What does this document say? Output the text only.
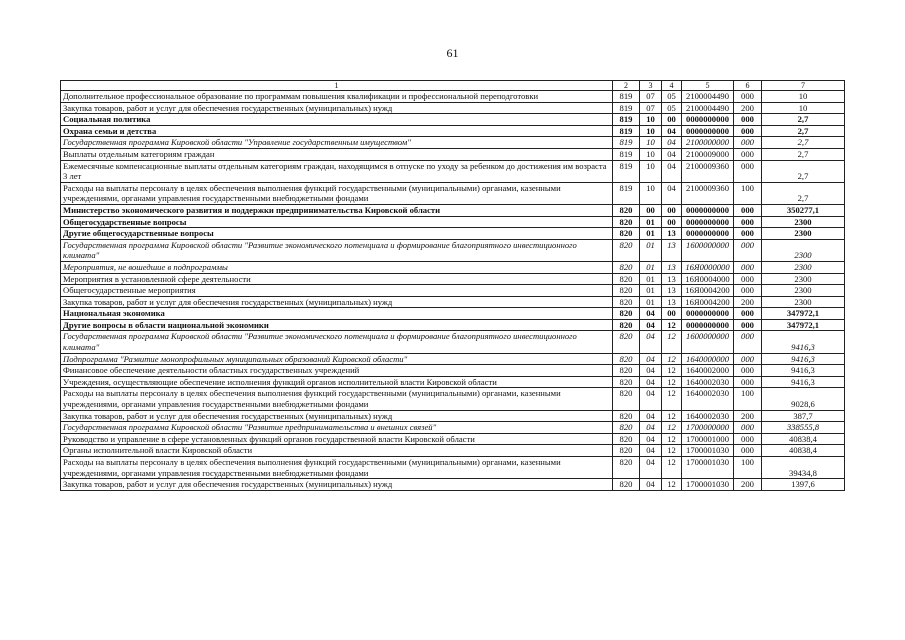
61
1	2	3	4	5	6	7
Дополнительное профессиональное образование по программам повышения квалификации и профессиональной переподготовки	819	07	05	2100004490	000	10
Закупка товаров, работ и услуг для обеспечения государственных (муниципальных) нужд	819	07	05	2100004490	200	10
Социальная политика	819	10	00	0000000000	000	2,7
Охрана семьи и детства	819	10	04	0000000000	000	2,7
Государственная программа Кировской области "Управление государственным имуществом"	819	10	04	2100000000	000	2,7
Выплаты отдельным категориям граждан	819	10	04	2100009000	000	2,7
Ежемесячные компенсационные выплаты отдельным категориям граждан, находящимся в отпуске по уходу за ребенком до достижения им возраста 3 лет	819	10	04	2100009360	000	2,7
Расходы на выплаты персоналу в целях обеспечения выполнения функций государственными (муниципальными) органами, казенными учреждениями, органами управления государственными внебюджетными фондами	819	10	04	2100009360	100	2,7
Министерство экономического развития и поддержки предпринимательства Кировской области	820	00	00	0000000000	000	350277,1
Общегосударственные вопросы	820	01	00	0000000000	000	2300
Другие общегосударственные вопросы	820	01	13	0000000000	000	2300
Государственная программа Кировской области "Развитие экономического потенциала и формирование благоприятного инвестиционного климата"	820	01	13	1600000000	000	2300
Мероприятия, не вошедшие в подпрограммы	820	01	13	16Я0000000	000	2300
Мероприятия в установленной сфере деятельности	820	01	13	16Я0004000	000	2300
Общегосударственные мероприятия	820	01	13	16Я0004200	000	2300
Закупка товаров, работ и услуг для обеспечения государственных (муниципальных) нужд	820	01	13	16Я0004200	200	2300
Национальная экономика	820	04	00	0000000000	000	347972,1
Другие вопросы в области национальной экономики	820	04	12	0000000000	000	347972,1
Государственная программа Кировской области "Развитие экономического потенциала и формирование благоприятного инвестиционного климата"	820	04	12	1600000000	000	9416,3
Подпрограмма "Развитие монопрофильных муниципальных образований Кировской области"	820	04	12	1640000000	000	9416,3
Финансовое обеспечение деятельности областных государственных учреждений	820	04	12	1640002000	000	9416,3
Учреждения, осуществляющие обеспечение исполнения функций органов исполнительной власти Кировской области	820	04	12	1640002030	000	9416,3
Расходы на выплаты персоналу в целях обеспечения выполнения функций государственными (муниципальными) органами, казенными учреждениями, органами управления государственными внебюджетными фондами	820	04	12	1640002030	100	9028,6
Закупка товаров, работ и услуг для обеспечения государственных (муниципальных) нужд	820	04	12	1640002030	200	387,7
Государственная программа Кировской области "Развитие предпринимательства и внешних связей"	820	04	12	1700000000	000	338555,8
Руководство и управление в сфере установленных функций органов государственной власти Кировской области	820	04	12	1700001000	000	40838,4
Органы исполнительной власти Кировской области	820	04	12	1700001030	000	40838,4
Расходы на выплаты персоналу в целях обеспечения выполнения функций государственными (муниципальными) органами, казенными учреждениями, органами управления государственными внебюджетными фондами	820	04	12	1700001030	100	39434,8
Закупка товаров, работ и услуг для обеспечения государственных (муниципальных) нужд	820	04	12	1700001030	200	1397,6
